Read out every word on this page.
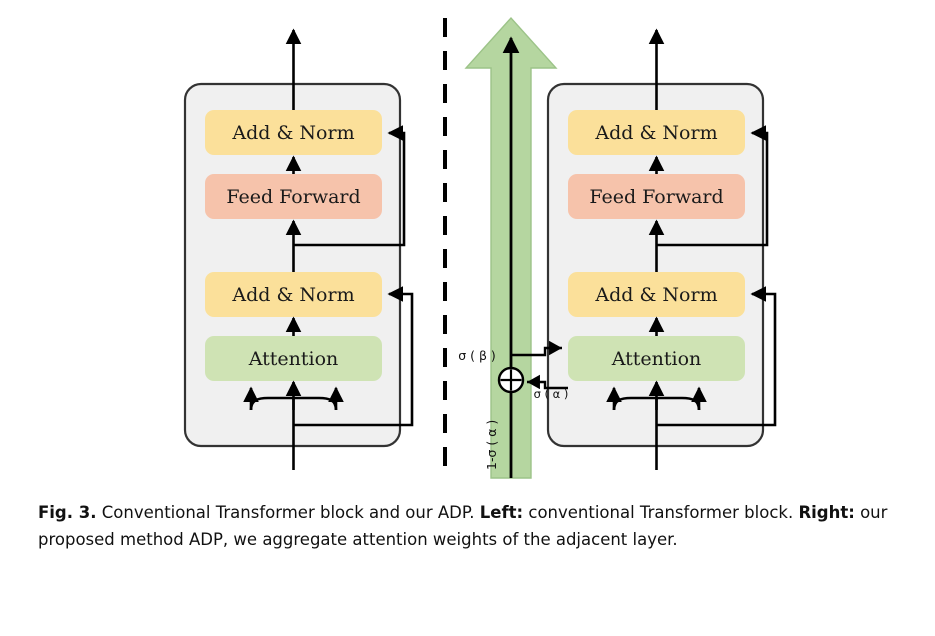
Add & Norm
Feed Forward
Add & Norm
Attention
Add & Norm
Feed Forward
Add & Norm
Attention
σ ( β )
σ ( α )
1-σ ( α )
Fig. 3. Conventional Transformer block and our ADP. Left: conventional Transformer block. Right: our proposed method ADP, we aggregate attention weights of the adjacent layer.
